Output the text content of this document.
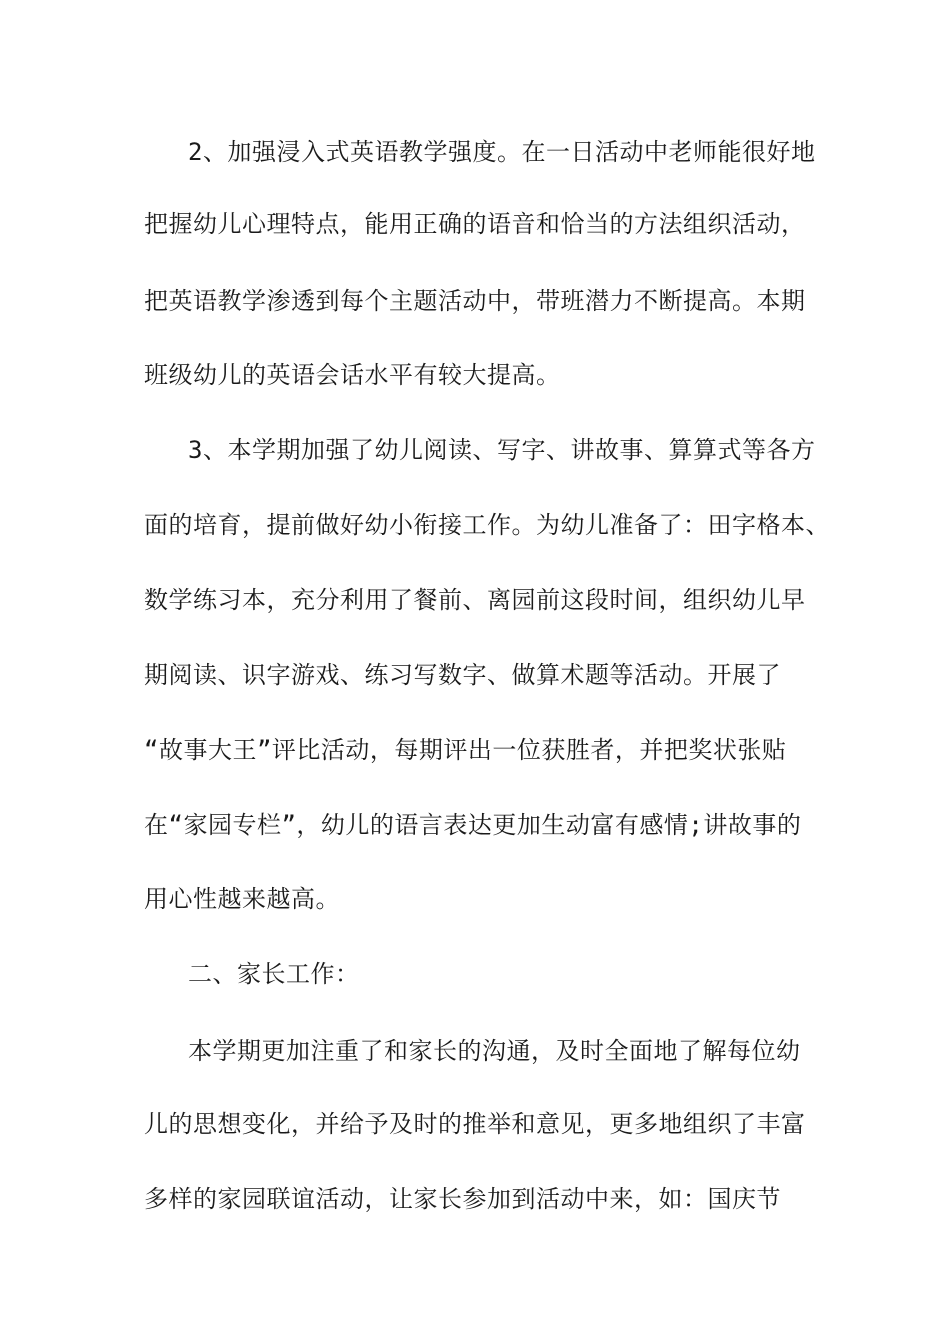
2、加强浸入式英语教学强度。在一日活动中老师能很好地
把握幼儿心理特点，能用正确的语音和恰当的方法组织活动，
把英语教学渗透到每个主题活动中，带班潜力不断提高。本期
班级幼儿的英语会话水平有较大提高。
3、本学期加强了幼儿阅读、写字、讲故事、算算式等各方
面的培育，提前做好幼小衔接工作。为幼儿准备了：田字格本、
数学练习本，充分利用了餐前、离园前这段时间，组织幼儿早
期阅读、识字游戏、练习写数字、做算术题等活动。开展了
“故事大王”评比活动，每期评出一位获胜者，并把奖状张贴
在“家园专栏”，幼儿的语言表达更加生动富有感情;讲故事的
用心性越来越高。
二、家长工作：
本学期更加注重了和家长的沟通，及时全面地了解每位幼
儿的思想变化，并给予及时的推举和意见，更多地组织了丰富
多样的家园联谊活动，让家长参加到活动中来，如：国庆节
